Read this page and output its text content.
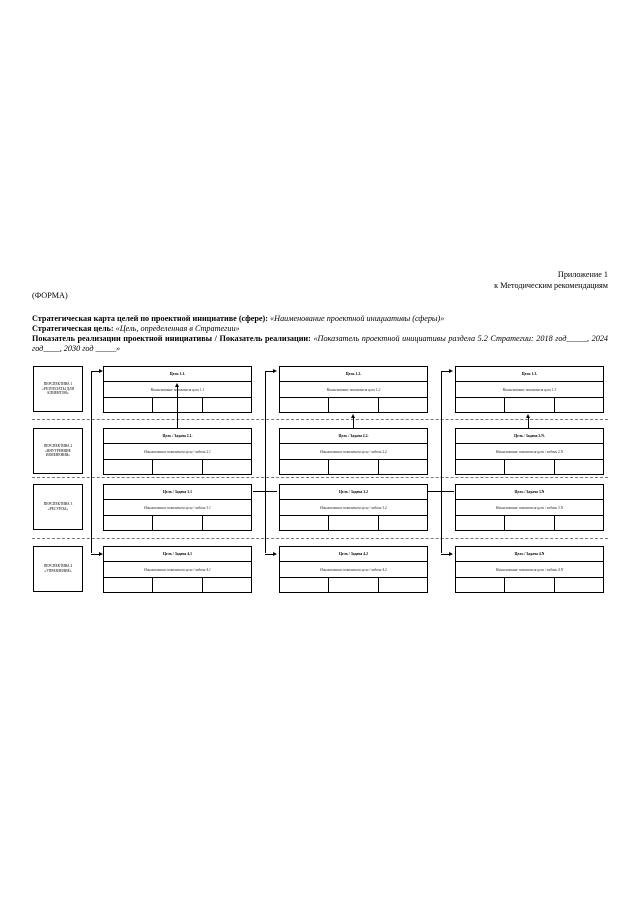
Приложение 1
к Методическим рекомендациям
(ФОРМА)
Стратегическая карта целей по проектной инициативе (сфере): «Наименование проектной инициативы (сферы)»
Стратегическая цель: «Цель, определенная в Стратегии»
Показатель реализации проектной инициативы / Показатель реализации: «Показатель проектной инициативы раздела 5.2 Стратегии: 2018 год_____, 2024 год____, 2030 год _____»
ПЕРСПЕКТИВА 1 «РЕЗУЛЬТАТЫ ДЛЯ КЛИЕНТОВ»
ПЕРСПЕКТИВА 2 «ВНУТРЕННИЕ ИЗМЕНЕНИЯ»
ПЕРСПЕКТИВА 3 «РЕСУРСЫ»
ПЕРСПЕКТИВА 4 «УПРАВЛЕНИЕ»
Цель 1.1.
Наименование показателя цели 1.1
Цель 1.2.
Наименование показателя цели 1.2
Цель 1.3.
Наименование показателя цели 1.3
Цель / Задача 2.1.
Наименование показателя цели / задачи 2.1
Цель / Задача 2.2.
Наименование показателя цели / задачи 2.2
Цель / Задача 2.N.
Наименование показателя цели / задачи 2.N
Цель / Задача 3.1
Наименование показателя цели / задачи 3.1
Цель / Задача 3.2
Наименование показателя цели / задачи 3.2
Цель / Задача 3.N
Наименование показателя цели / задачи 3.N
Цель / Задача 4.1
Наименование показателя цели / задачи 4.1
Цель / Задача 4.2
Наименование показателя цели / задачи 4.2
Цель / Задача 4.N
Наименование показателя цели / задачи 4.N
